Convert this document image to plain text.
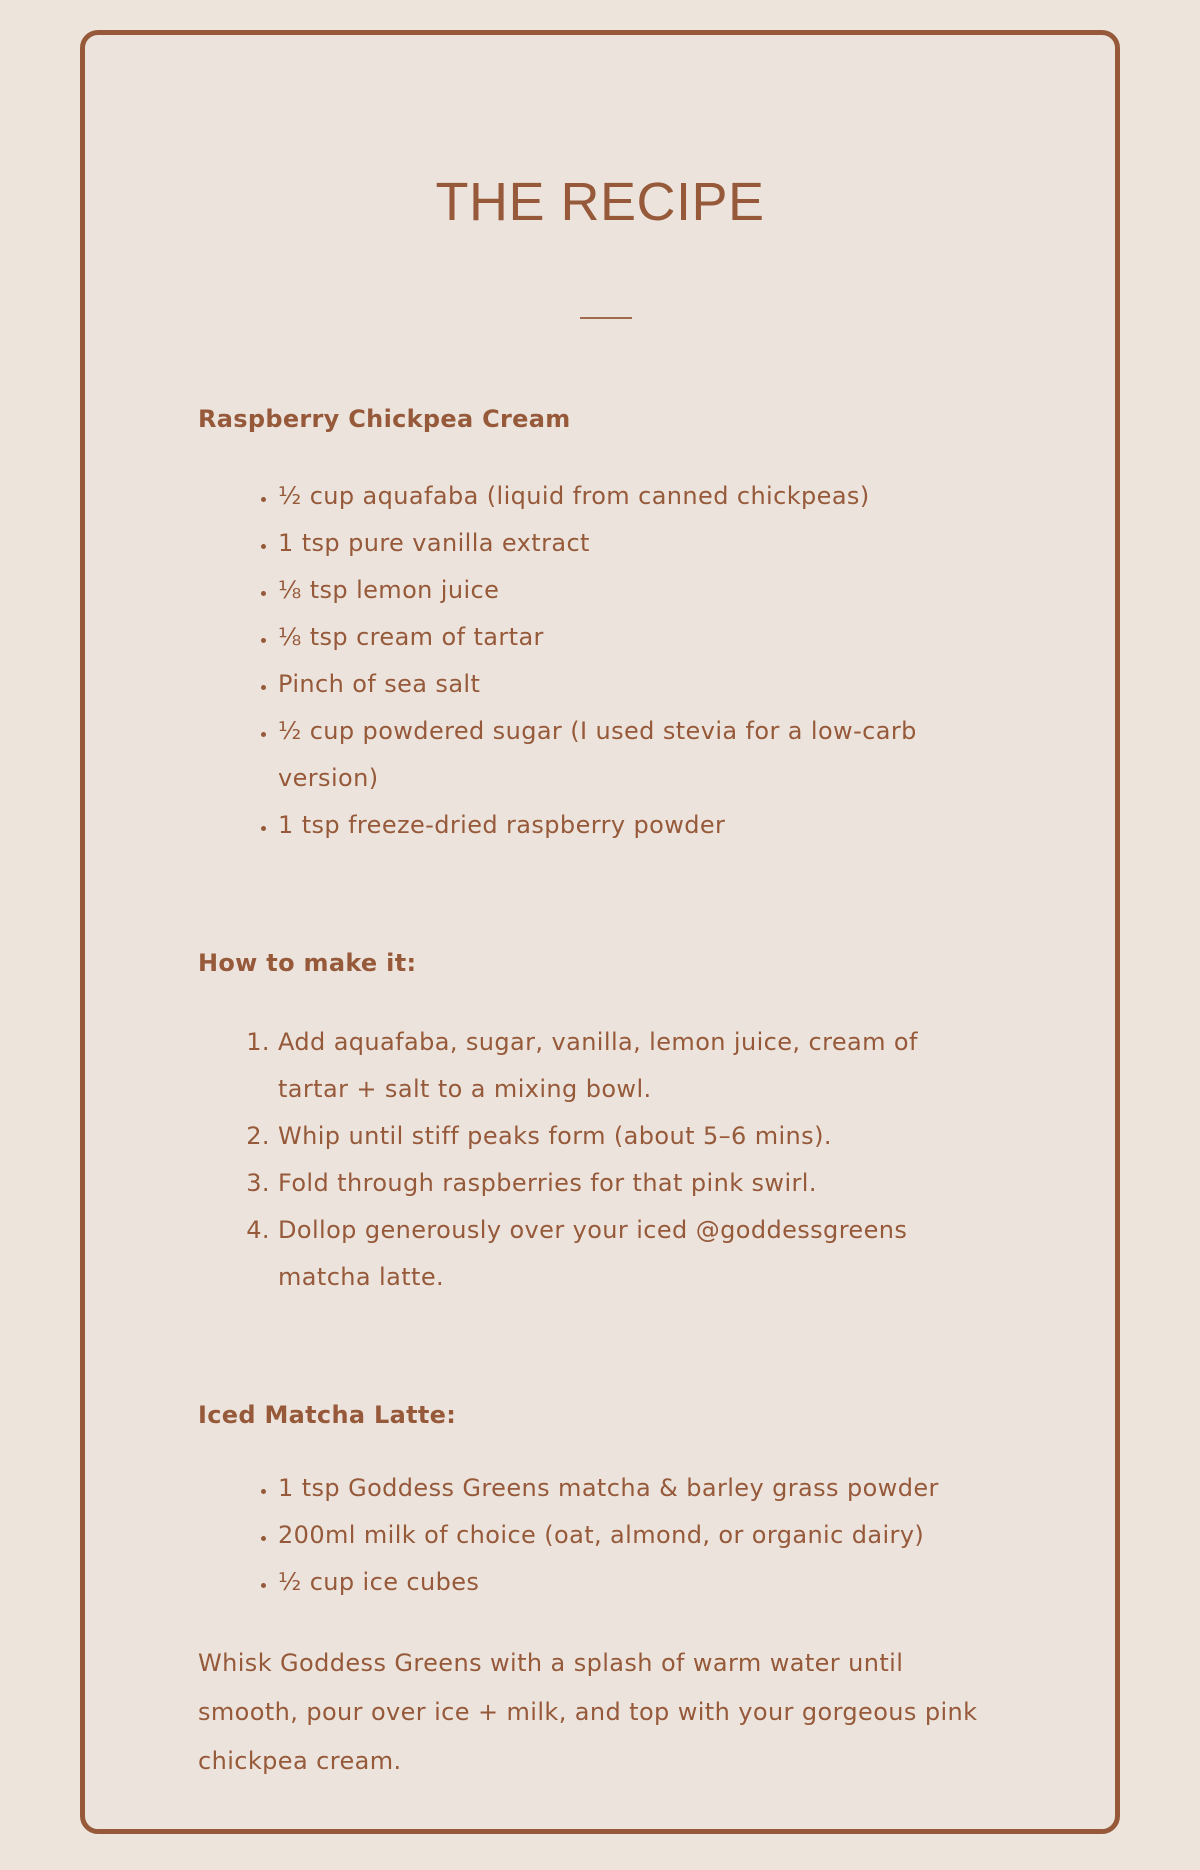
THE RECIPE
Raspberry Chickpea Cream
• ½ cup aquafaba (liquid from canned chickpeas)
• 1 tsp pure vanilla extract
• ⅛ tsp lemon juice
• ⅛ tsp cream of tartar
• Pinch of sea salt
• ½ cup powdered sugar (I used stevia for a low-carb version)
• 1 tsp freeze-dried raspberry powder
How to make it:
1. Add aquafaba, sugar, vanilla, lemon juice, cream of tartar + salt to a mixing bowl.
2. Whip until stiff peaks form (about 5–6 mins).
3. Fold through raspberries for that pink swirl.
4. Dollop generously over your iced @goddessgreens matcha latte.
Iced Matcha Latte:
• 1 tsp Goddess Greens matcha & barley grass powder
• 200ml milk of choice (oat, almond, or organic dairy)
• ½ cup ice cubes

Whisk Goddess Greens with a splash of warm water until smooth, pour over ice + milk, and top with your gorgeous pink chickpea cream.
